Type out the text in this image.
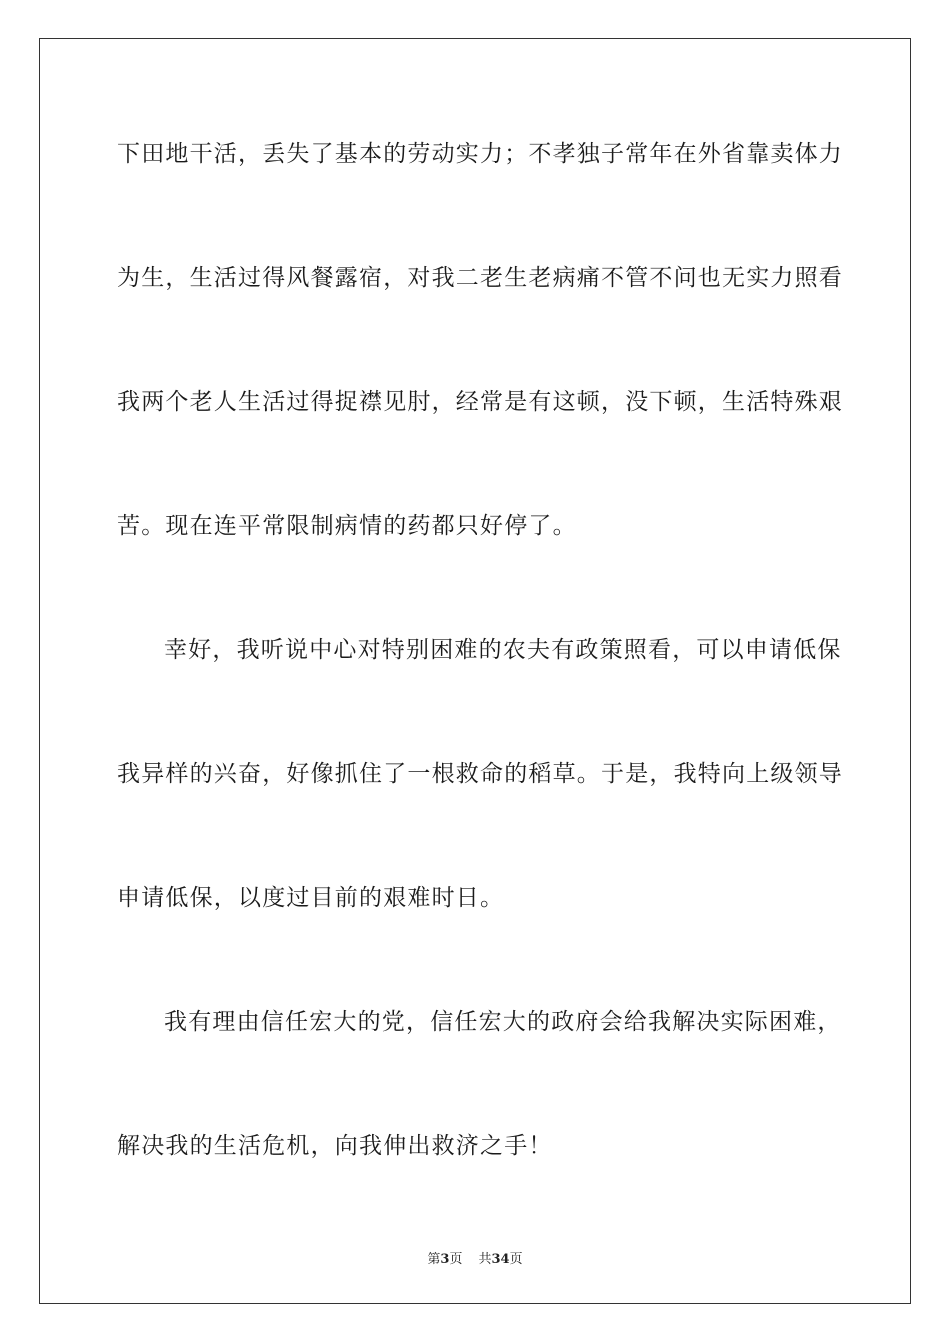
下田地干活，丢失了基本的劳动实力；不孝独子常年在外省靠卖体力
为生，生活过得风餐露宿，对我二老生老病痛不管不问也无实力照看
我两个老人生活过得捉襟见肘，经常是有这顿，没下顿，生活特殊艰
苦。现在连平常限制病情的药都只好停了。
幸好，我听说中心对特别困难的农夫有政策照看，可以申请低保
我异样的兴奋，好像抓住了一根救命的稻草。于是，我特向上级领导
申请低保，以度过目前的艰难时日。
我有理由信任宏大的党，信任宏大的政府会给我解决实际困难，
解决我的生活危机，向我伸出救济之手！
第3页 共34页
